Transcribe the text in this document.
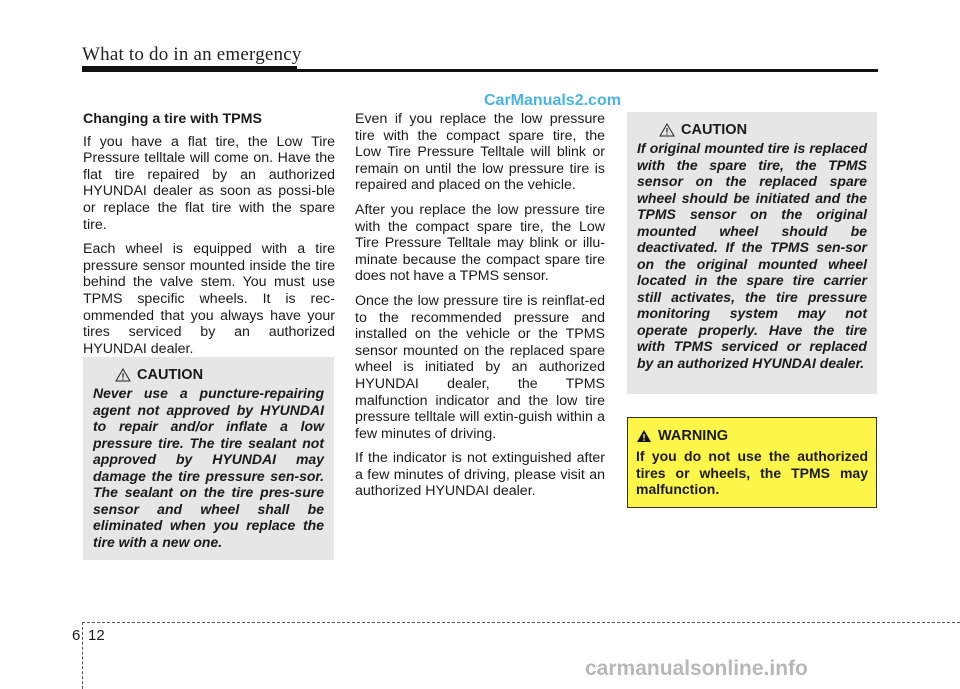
What to do in an emergency
CarManuals2.com

Changing a tire with TPMS

If you have a flat tire, the Low Tire Pressure telltale will come on. Have the flat tire repaired by an authorized HYUNDAI dealer as soon as possi-ble or replace the flat tire with the spare tire.

Each wheel is equipped with a tire pressure sensor mounted inside the tire behind the valve stem. You must use TPMS specific wheels. It is rec-ommended that you always have your tires serviced by an authorized HYUNDAI dealer.

CAUTION

Never use a puncture-repairing agent not approved by HYUNDAI to repair and/or inflate a low pressure tire. The tire sealant not approved by HYUNDAI may damage the tire pressure sen-sor. The sealant on the tire pres-sure sensor and wheel shall be eliminated when you replace the tire with a new one.

Even if you replace the low pressure tire with the compact spare tire, the Low Tire Pressure Telltale will blink or remain on until the low pressure tire is repaired and placed on the vehicle.

After you replace the low pressure tire with the compact spare tire, the Low Tire Pressure Telltale may blink or illu-minate because the compact spare tire does not have a TPMS sensor.

Once the low pressure tire is reinflat-ed to the recommended pressure and installed on the vehicle or the TPMS sensor mounted on the replaced spare wheel is initiated by an authorized HYUNDAI dealer, the TPMS malfunction indicator and the low tire pressure telltale will extin-guish within a few minutes of driving.

If the indicator is not extinguished after a few minutes of driving, please visit an authorized HYUNDAI dealer.

CAUTION

If original mounted tire is replaced with the spare tire, the TPMS sensor on the replaced spare wheel should be initiated and the TPMS sensor on the original mounted wheel should be deactivated. If the TPMS sen-sor on the original mounted wheel located in the spare tire carrier still activates, the tire pressure monitoring system may not operate properly. Have the tire with TPMS serviced or replaced by an authorized HYUNDAI dealer.

WARNING

If you do not use the authorized tires or wheels, the TPMS may malfunction.

6 12
carmanualsonline.info
